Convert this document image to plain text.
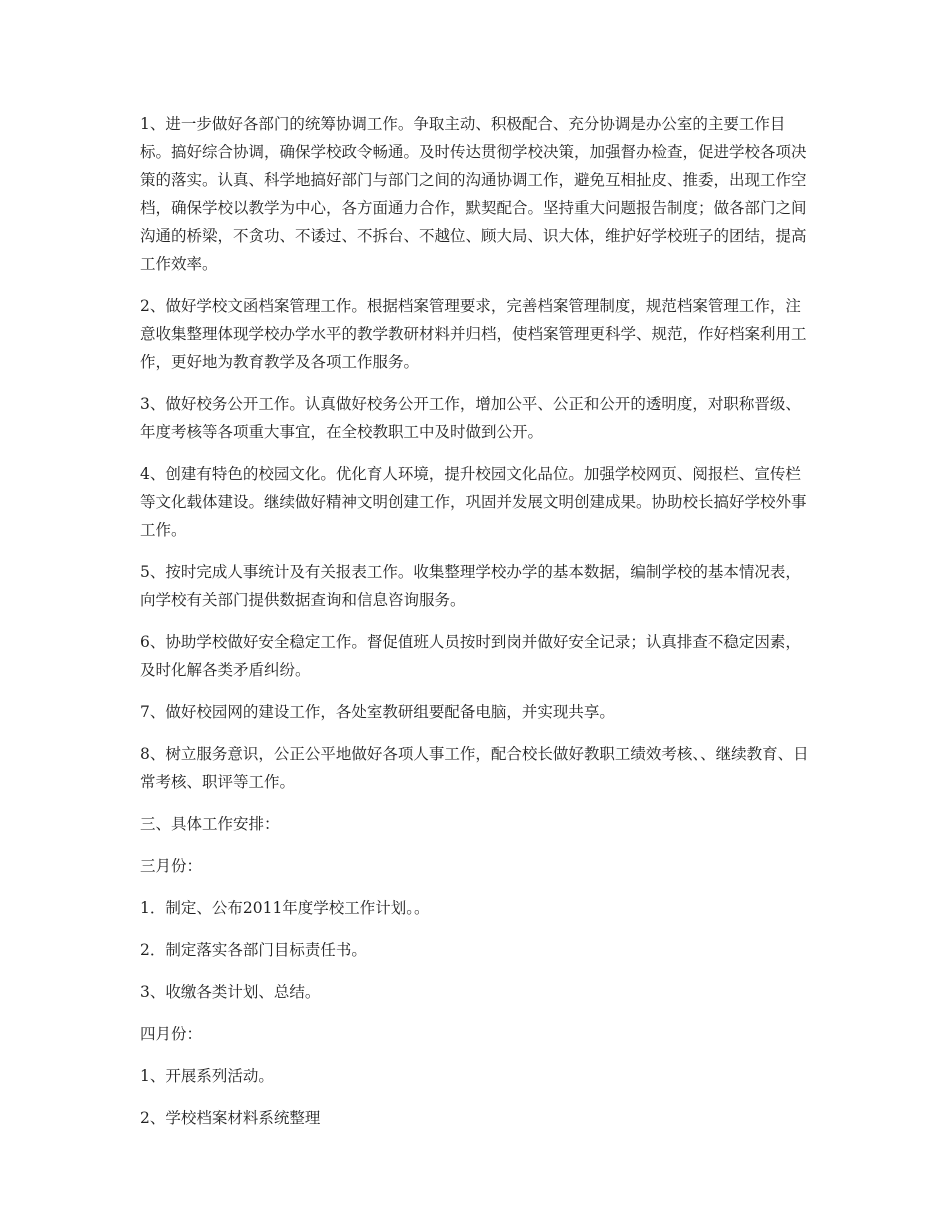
1、进一步做好各部门的统筹协调工作。争取主动、积极配合、充分协调是办公室的主要工作目标。搞好综合协调，确保学校政令畅通。及时传达贯彻学校决策，加强督办检查，促进学校各项决策的落实。认真、科学地搞好部门与部门之间的沟通协调工作，避免互相扯皮、推委，出现工作空档，确保学校以教学为中心，各方面通力合作，默契配合。坚持重大问题报告制度；做各部门之间沟通的桥梁，不贪功、不诿过、不拆台、不越位、顾大局、识大体，维护好学校班子的团结，提高工作效率。

2、做好学校文函档案管理工作。根据档案管理要求，完善档案管理制度，规范档案管理工作，注意收集整理体现学校办学水平的教学教研材料并归档，使档案管理更科学、规范，作好档案利用工作，更好地为教育教学及各项工作服务。

3、做好校务公开工作。认真做好校务公开工作，增加公平、公正和公开的透明度，对职称晋级、年度考核等各项重大事宜，在全校教职工中及时做到公开。

4、创建有特色的校园文化。优化育人环境，提升校园文化品位。加强学校网页、阅报栏、宣传栏等文化载体建设。继续做好精神文明创建工作，巩固并发展文明创建成果。协助校长搞好学校外事工作。

5、按时完成人事统计及有关报表工作。收集整理学校办学的基本数据，编制学校的基本情况表，向学校有关部门提供数据查询和信息咨询服务。

6、协助学校做好安全稳定工作。督促值班人员按时到岗并做好安全记录；认真排查不稳定因素，及时化解各类矛盾纠纷。

7、做好校园网的建设工作，各处室教研组要配备电脑，并实现共享。

8、树立服务意识，公正公平地做好各项人事工作，配合校长做好教职工绩效考核、、继续教育、日常考核、职评等工作。

三、具体工作安排：

三月份：

1．制定、公布2011年度学校工作计划。。

2．制定落实各部门目标责任书。

3、收缴各类计划、总结。

四月份：

1、开展系列活动。

2、学校档案材料系统整理
